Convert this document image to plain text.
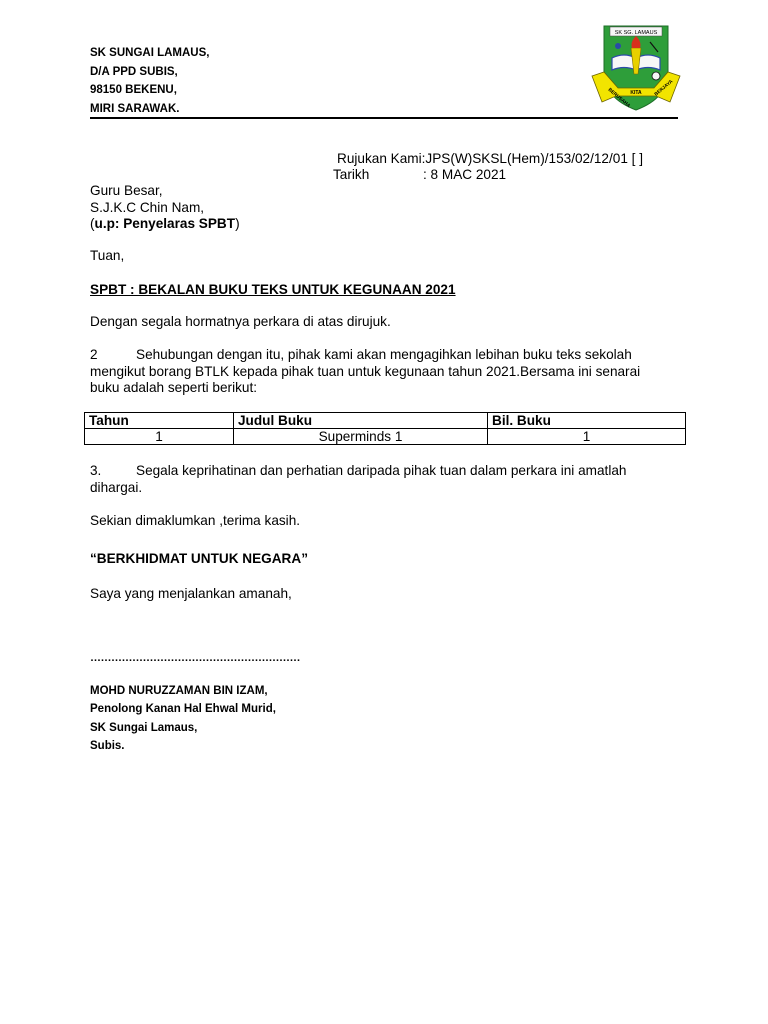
SK SUNGAI LAMAUS,
D/A PPD SUBIS,
98150 BEKENU,
MIRI SARAWAK.
SK SG. LAMAUS
BERUSAHA KITA	BERJAYA
Rujukan Kami:JPS(W)SKSL(Hem)/153/02/12/01 [ ]
Tarikh	: 8 MAC 2021
Guru Besar,
S.J.K.C Chin Nam,
(u.p: Penyelaras SPBT)
Tuan,
SPBT : BEKALAN BUKU TEKS UNTUK KEGUNAAN 2021
Dengan segala hormatnya perkara di atas dirujuk.
2	Sehubungan dengan itu, pihak kami akan mengagihkan lebihan buku teks sekolah mengikut borang BTLK kepada pihak tuan untuk kegunaan tahun 2021.Bersama ini senarai buku adalah seperti berikut:
Tahun	Judul Buku	Bil. Buku
1	Superminds 1	1
3.	Segala keprihatinan dan perhatian daripada pihak tuan dalam perkara ini amatlah dihargai.
Sekian dimaklumkan ,terima kasih.
“BERKHIDMAT UNTUK NEGARA”
Saya yang menjalankan amanah,
……………………………………………………
MOHD NURUZZAMAN BIN IZAM,
Penolong Kanan Hal Ehwal Murid,
SK Sungai Lamaus,
Subis.
